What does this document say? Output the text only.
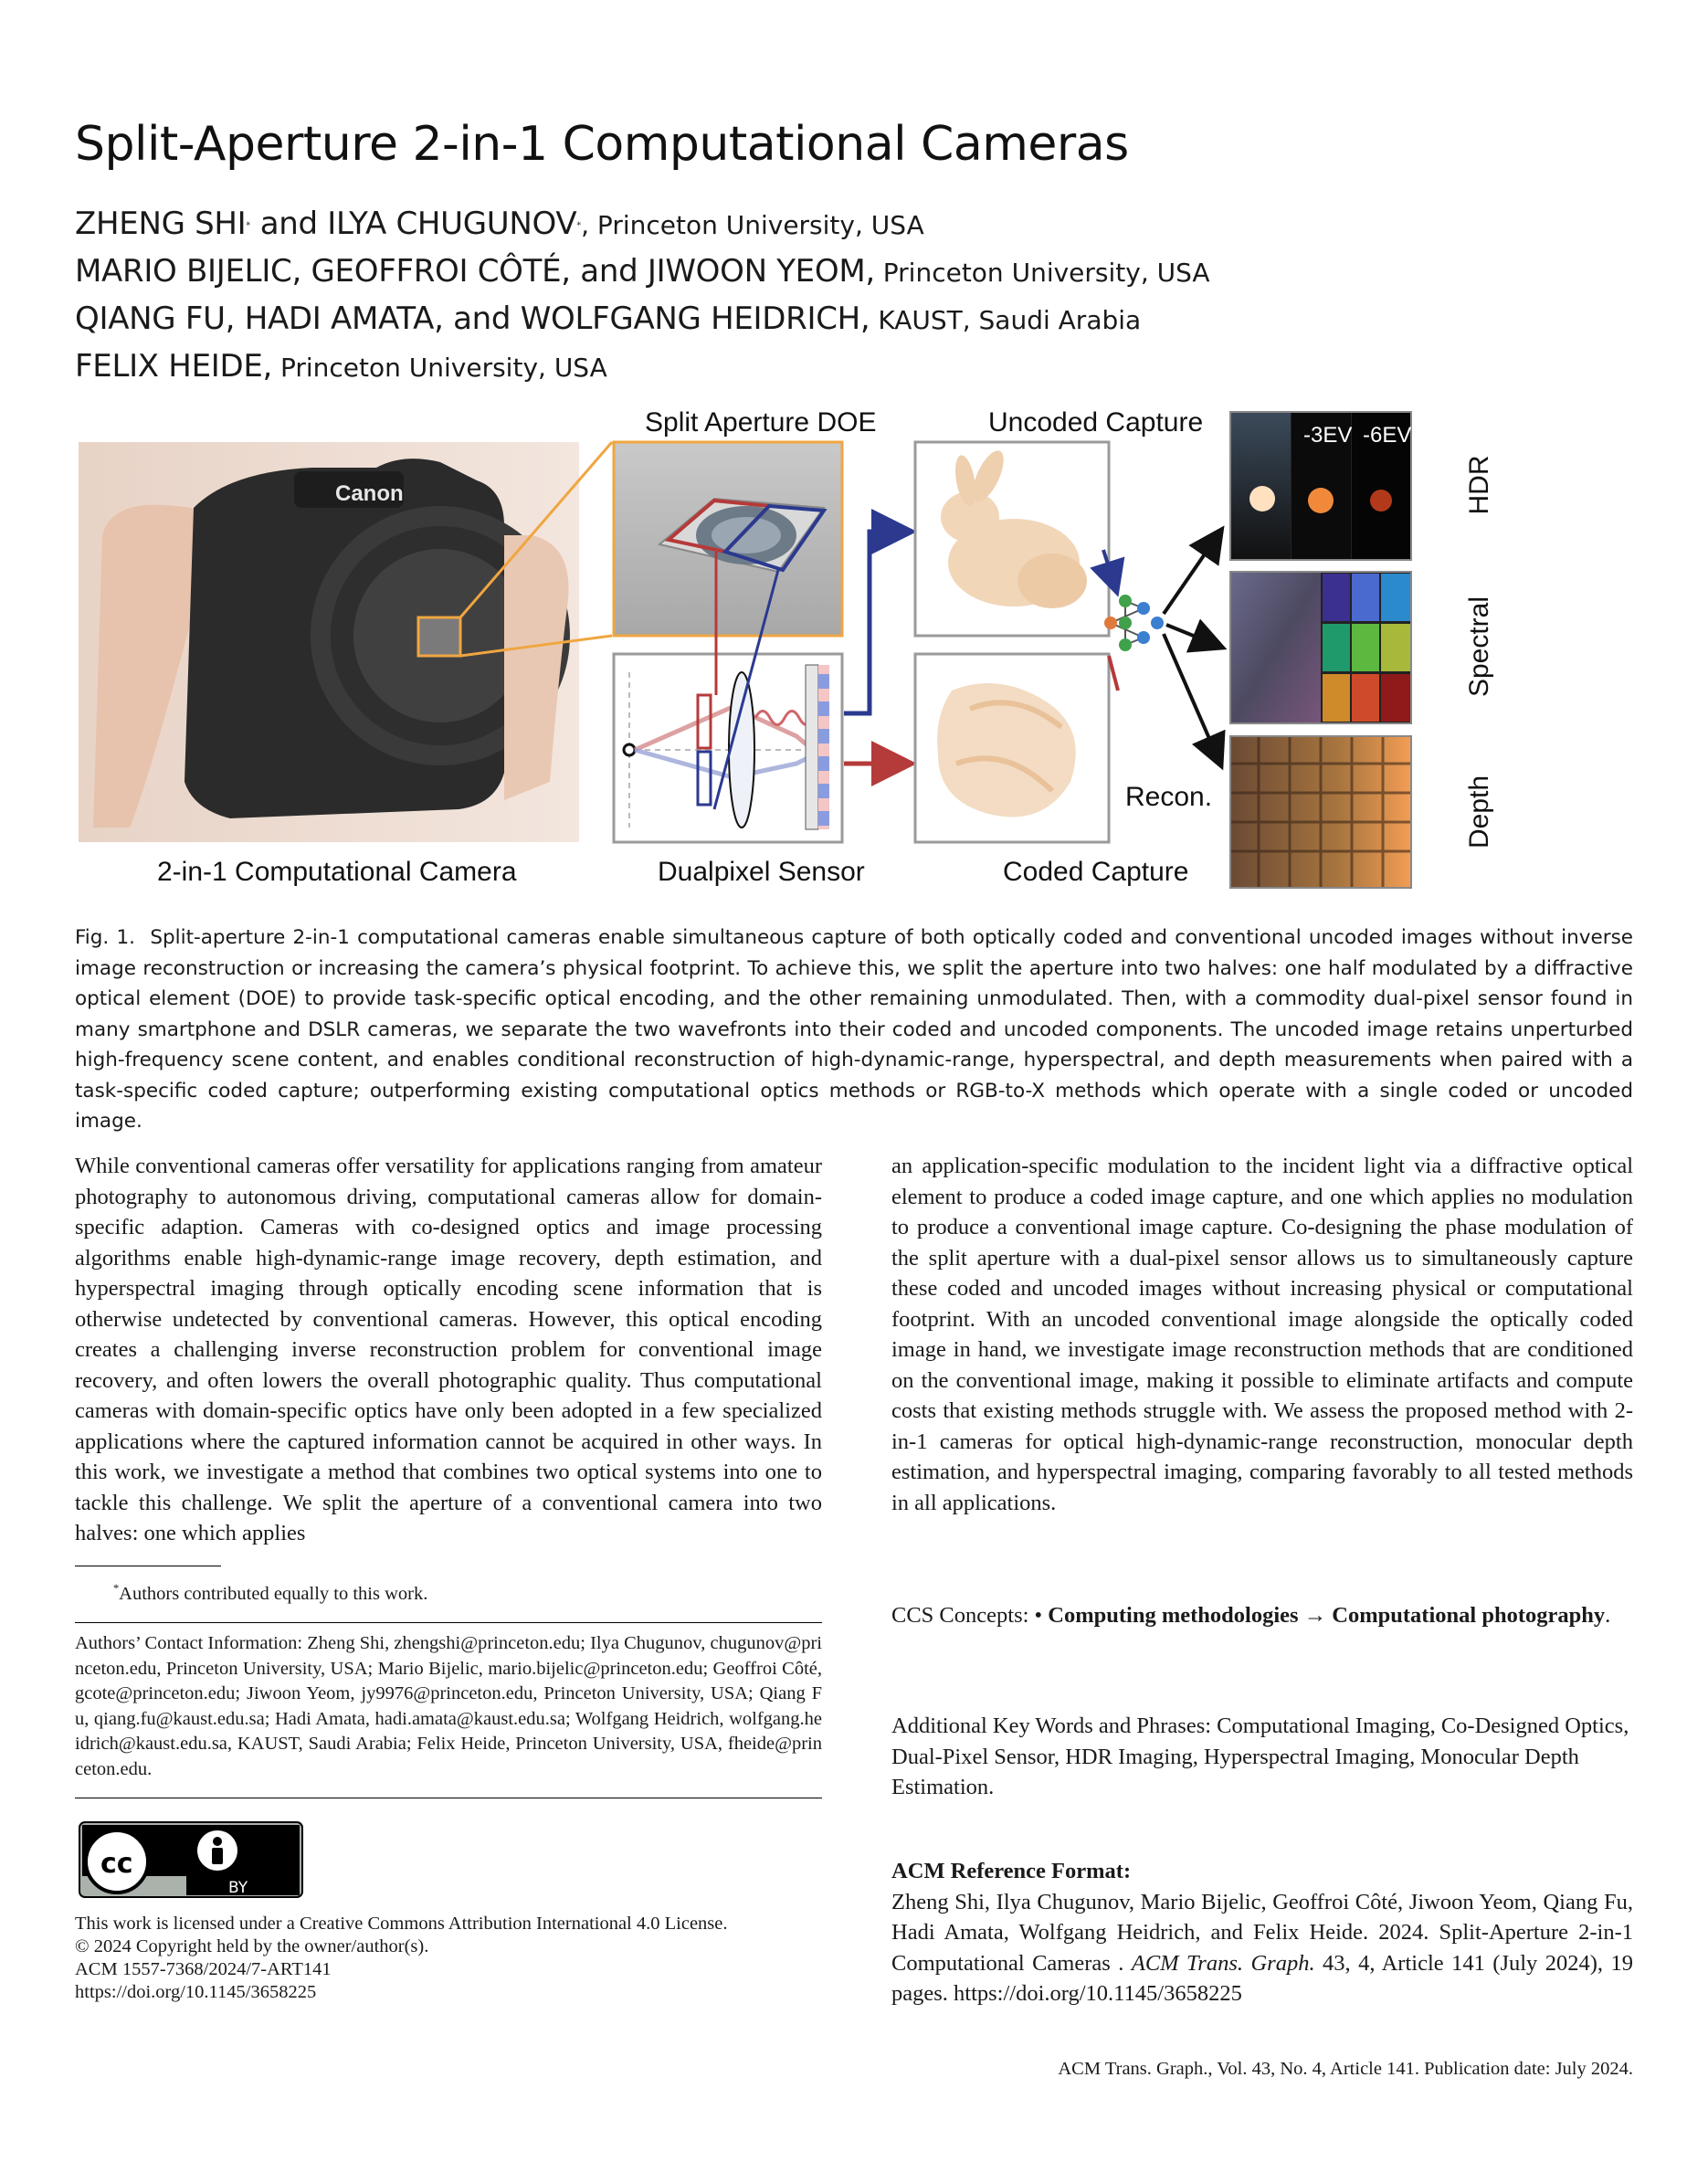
Split-Aperture 2-in-1 Computational Cameras
ZHENG SHI* and ILYA CHUGUNOV*, Princeton University, USA
MARIO BIJELIC, GEOFFROI CÔTÉ, and JIWOON YEOM, Princeton University, USA
QIANG FU, HADI AMATA, and WOLFGANG HEIDRICH, KAUST, Saudi Arabia
FELIX HEIDE, Princeton University, USA
Canon
-3EV -6EV
2-in-1 Computational Camera
Split Aperture DOE
Dualpixel Sensor
Uncoded Capture
Coded Capture
Recon.
HDR
Spectral
Depth
Fig. 1. Split-aperture 2-in-1 computational cameras enable simultaneous capture of both optically coded and conventional uncoded images without inverse image reconstruction or increasing the camera’s physical footprint. To achieve this, we split the aperture into two halves: one half modulated by a diffractive optical element (DOE) to provide task-specific optical encoding, and the other remaining unmodulated. Then, with a commodity dual-pixel sensor found in many smartphone and DSLR cameras, we separate the two wavefronts into their coded and uncoded components. The uncoded image retains unperturbed high-frequency scene content, and enables conditional reconstruction of high-dynamic-range, hyperspectral, and depth measurements when paired with a task-specific coded capture; outperforming existing computational optics methods or RGB-to-X methods which operate with a single coded or uncoded image.
While conventional cameras offer versatility for applications ranging from amateur photography to autonomous driving, computational cameras allow for domain-specific adaption. Cameras with co-designed optics and image processing algorithms enable high-dynamic-range image recovery, depth estimation, and hyperspectral imaging through optically encoding scene information that is otherwise undetected by conventional cameras. However, this optical encoding creates a challenging inverse reconstruction problem for conventional image recovery, and often lowers the overall photographic quality. Thus computational cameras with domain-specific optics have only been adopted in a few specialized applications where the captured information cannot be acquired in other ways. In this work, we investigate a method that combines two optical systems into one to tackle this challenge. We split the aperture of a conventional camera into two halves: one which applies
an application-specific modulation to the incident light via a diffractive optical element to produce a coded image capture, and one which applies no modulation to produce a conventional image capture. Co-designing the phase modulation of the split aperture with a dual-pixel sensor allows us to simultaneously capture these coded and uncoded images without increasing physical or computational footprint. With an uncoded conventional image alongside the optically coded image in hand, we investigate image reconstruction methods that are conditioned on the conventional image, making it possible to eliminate artifacts and compute costs that existing methods struggle with. We assess the proposed method with 2-in-1 cameras for optical high-dynamic-range reconstruction, monocular depth estimation, and hyperspectral imaging, comparing favorably to all tested methods in all applications.
*Authors contributed equally to this work.
Authors’ Contact Information: Zheng Shi, zhengshi@princeton.edu; Ilya Chugunov, chugunov@princeton.edu, Princeton University, USA; Mario Bijelic, mario.bijelic@princeton.edu; Geoffroi Côté, gcote@princeton.edu; Jiwoon Yeom, jy9976@princeton.edu, Princeton University, USA; Qiang Fu, qiang.fu@kaust.edu.sa; Hadi Amata, hadi.amata@kaust.edu.sa; Wolfgang Heidrich, wolfgang.heidrich@kaust.edu.sa, KAUST, Saudi Arabia; Felix Heide, Princeton University, USA, fheide@princeton.edu.
cc
BY
This work is licensed under a Creative Commons Attribution International 4.0 License.
© 2024 Copyright held by the owner/author(s).
ACM 1557-7368/2024/7-ART141
https://doi.org/10.1145/3658225
CCS Concepts: • Computing methodologies → Computational photography.
Additional Key Words and Phrases: Computational Imaging, Co-Designed Optics, Dual-Pixel Sensor, HDR Imaging, Hyperspectral Imaging, Monocular Depth Estimation.
ACM Reference Format:
Zheng Shi, Ilya Chugunov, Mario Bijelic, Geoffroi Côté, Jiwoon Yeom, Qiang Fu, Hadi Amata, Wolfgang Heidrich, and Felix Heide. 2024. Split-Aperture 2-in-1 Computational Cameras . ACM Trans. Graph. 43, 4, Article 141 (July 2024), 19 pages. https://doi.org/10.1145/3658225
ACM Trans. Graph., Vol. 43, No. 4, Article 141. Publication date: July 2024.
